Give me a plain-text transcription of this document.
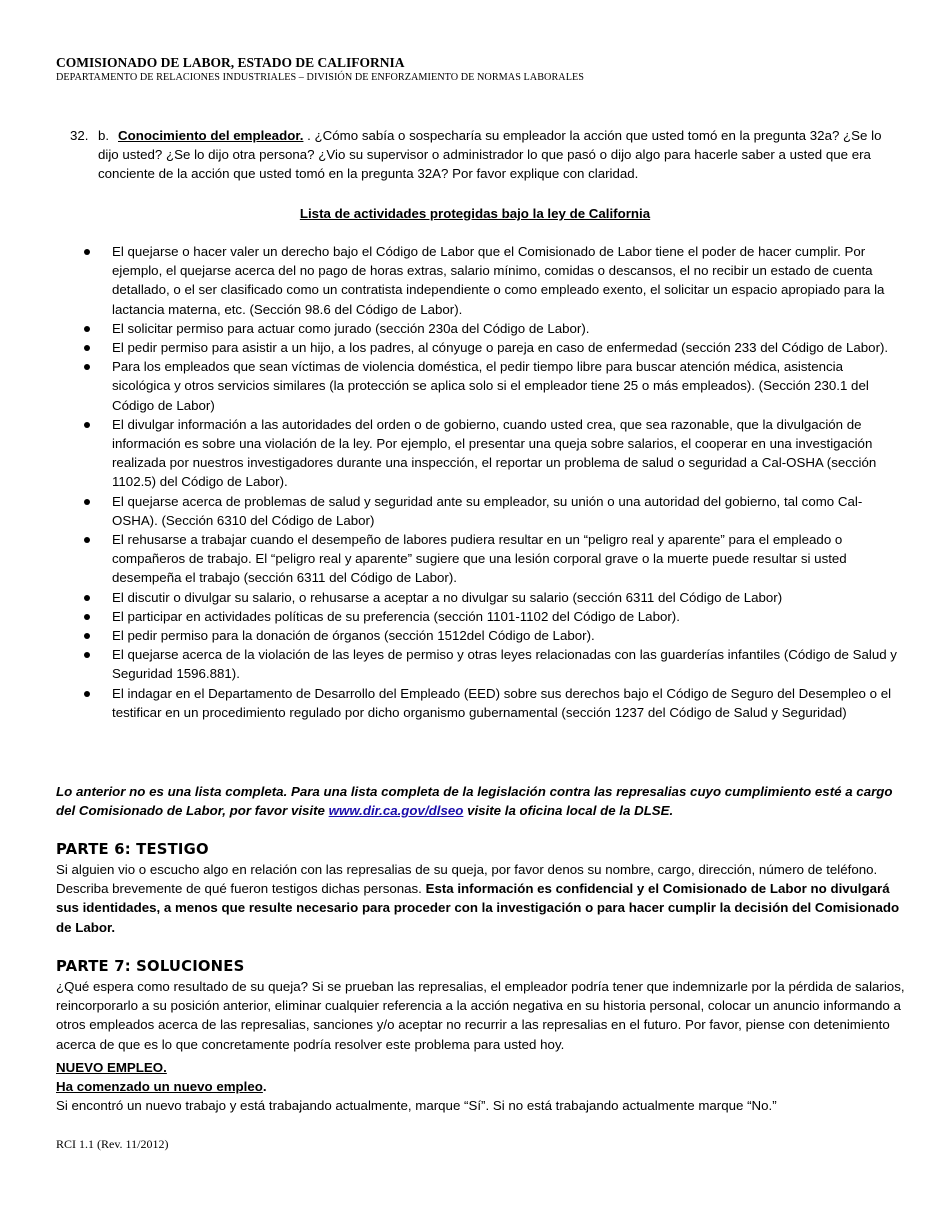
COMISIONADO DE LABOR, ESTADO DE CALIFORNIA
DEPARTAMENTO DE RELACIONES INDUSTRIALES – DIVISIÓN DE ENFORZAMIENTO DE NORMAS LABORALES
32. b. Conocimiento del empleador. . ¿Cómo sabía o sospecharía su empleador la acción que usted tomó en la pregunta 32a? ¿Se lo dijo usted? ¿Se lo dijo otra persona? ¿Vio su supervisor o administrador lo que pasó o dijo algo para hacerle saber a usted que era conciente de la acción que usted tomó en la pregunta 32A? Por favor explique con claridad.
Lista de actividades protegidas bajo la ley de California
El quejarse o hacer valer un derecho bajo el Código de Labor que el Comisionado de Labor tiene el poder de hacer cumplir. Por ejemplo, el quejarse acerca del no pago de horas extras, salario mínimo, comidas o descansos, el no recibir un estado de cuenta detallado, o el ser clasificado como un contratista independiente o como empleado exento, el solicitar un espacio apropiado para la lactancia materna, etc. (Sección 98.6 del Código de Labor).
El solicitar permiso para actuar como jurado (sección 230a del Código de Labor).
El pedir permiso para asistir a un hijo, a los padres, al cónyuge o pareja en caso de enfermedad (sección 233 del Código de Labor).
Para los empleados que sean víctimas de violencia doméstica, el pedir tiempo libre para buscar atención médica, asistencia sicológica y otros servicios similares (la protección se aplica solo si el empleador tiene 25 o más empleados). (Sección 230.1 del Código de Labor)
El divulgar información a las autoridades del orden o de gobierno, cuando usted crea, que sea razonable, que la divulgación de información es sobre una violación de la ley. Por ejemplo, el presentar una queja sobre salarios, el cooperar en una investigación realizada por nuestros investigadores durante una inspección, el reportar un problema de salud o seguridad a Cal-OSHA (sección 1102.5) del Código de Labor).
El quejarse acerca de problemas de salud y seguridad ante su empleador, su unión o una autoridad del gobierno, tal como Cal-OSHA). (Sección 6310 del Código de Labor)
El rehusarse a trabajar cuando el desempeño de labores pudiera resultar en un “peligro real y aparente” para el empleado o compañeros de trabajo. El “peligro real y aparente” sugiere que una lesión corporal grave o la muerte puede resultar si usted desempeña el trabajo (sección 6311 del Código de Labor).
El discutir o divulgar su salario, o rehusarse a aceptar a no divulgar su salario (sección 6311 del Código de Labor)
El participar en actividades políticas de su preferencia (sección 1101-1102 del Código de Labor).
El pedir permiso para la donación de órganos (sección 1512del Código de Labor).
El quejarse acerca de la violación de las leyes de permiso y otras leyes relacionadas con las guarderías infantiles (Código de Salud y Seguridad 1596.881).
El indagar en el Departamento de Desarrollo del Empleado (EED) sobre sus derechos bajo el Código de Seguro del Desempleo o el testificar en un procedimiento regulado por dicho organismo gubernamental (sección 1237 del Código de Salud y Seguridad)
Lo anterior no es una lista completa. Para una lista completa de la legislación contra las represalias cuyo cumplimiento esté a cargo del Comisionado de Labor, por favor visite www.dir.ca.gov/dlseo visite la oficina local de la DLSE.
PARTE 6: TESTIGO
Si alguien vio o escucho algo en relación con las represalias de su queja, por favor denos su nombre, cargo, dirección, número de teléfono. Describa brevemente de qué fueron testigos dichas personas. Esta información es confidencial y el Comisionado de Labor no divulgará sus identidades, a menos que resulte necesario para proceder con la investigación o para hacer cumplir la decisión del Comisionado de Labor.
PARTE 7: SOLUCIONES
¿Qué espera como resultado de su queja? Si se prueban las represalias, el empleador podría tener que indemnizarle por la pérdida de salarios, reincorporarlo a su posición anterior, eliminar cualquier referencia a la acción negativa en su historia personal, colocar un anuncio informando a otros empleados acerca de las represalias, sanciones y/o aceptar no recurrir a las represalias en el futuro. Por favor, piense con detenimiento acerca de que es lo que concretamente podría resolver este problema para usted hoy.
NUEVO EMPLEO.
Ha comenzado un nuevo empleo.
Si encontró un nuevo trabajo y está trabajando actualmente, marque “Sí”. Si no está trabajando actualmente marque “No.”
RCI 1.1 (Rev. 11/2012)
